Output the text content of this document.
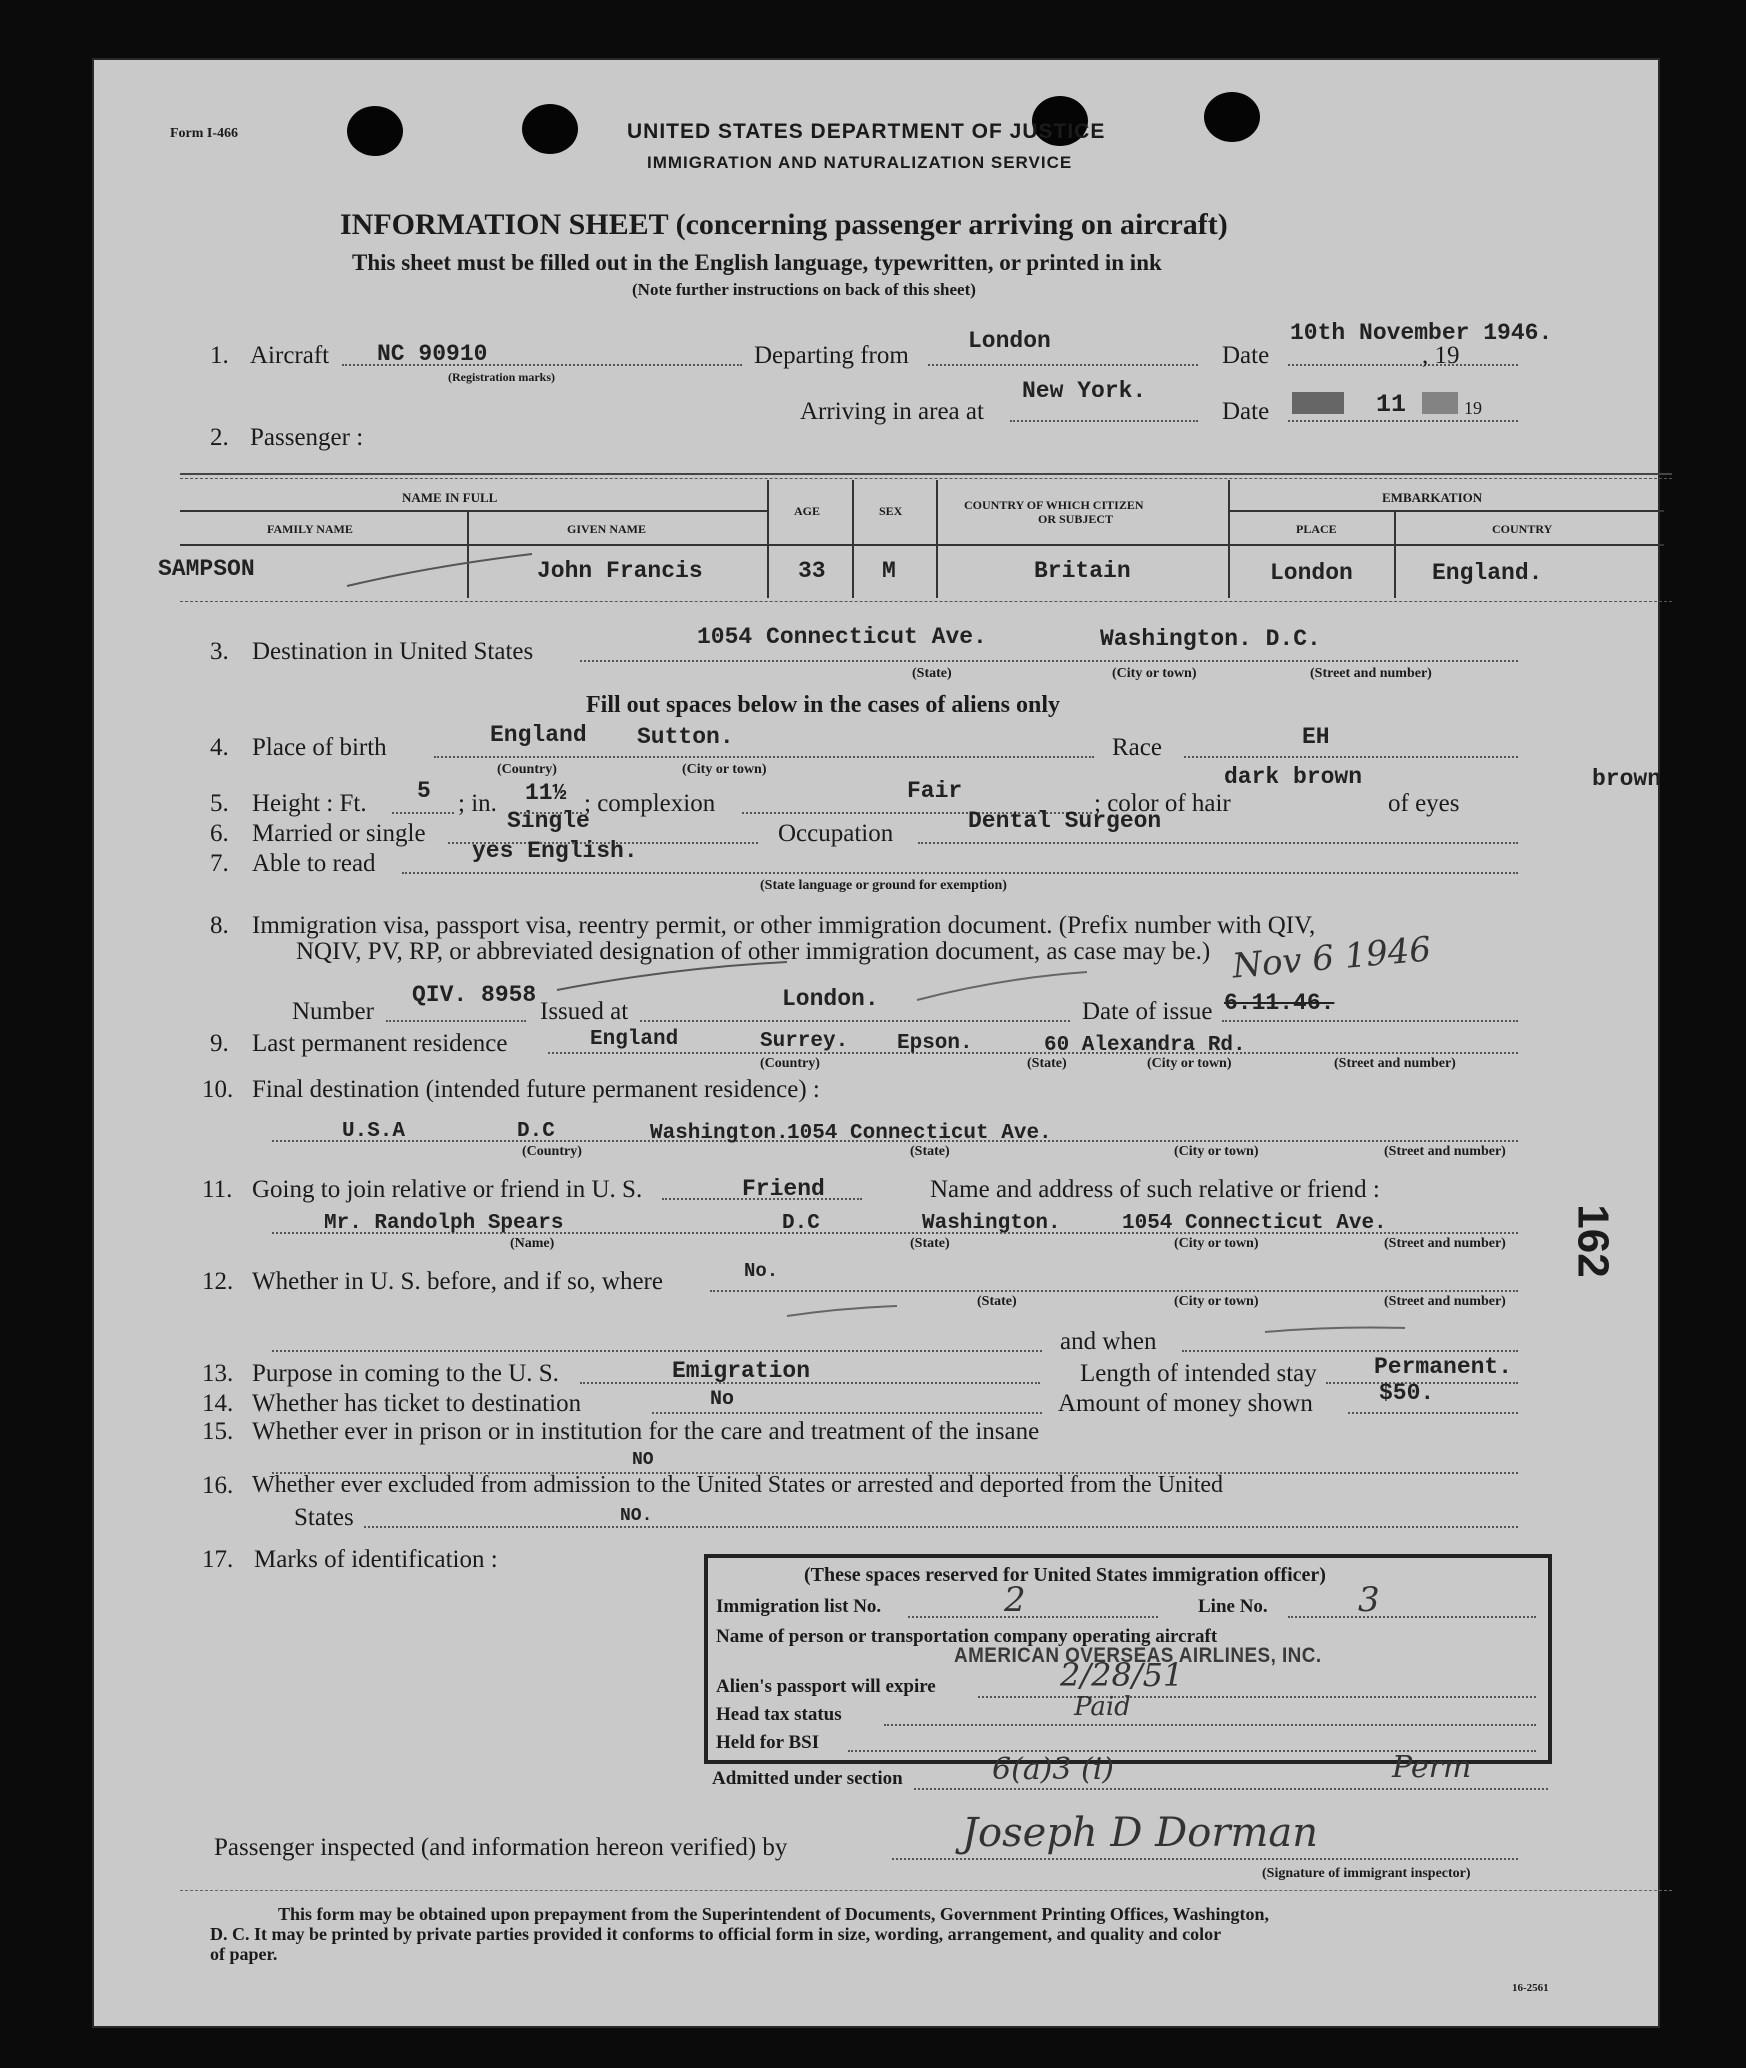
Form I-466	UNITED STATES DEPARTMENT OF JUSTICE
IMMIGRATION AND NATURALIZATION SERVICE
INFORMATION SHEET (concerning passenger arriving on aircraft)
This sheet must be filled out in the English language, typewritten, or printed in ink
(Note further instructions on back of this sheet)
1. Aircraft NC 90910
(Registration marks)
Departing from
London
Date
10th November 1946.
, 19
Arriving in area at
New York.
Date	11	19
2. Passenger :
NAME IN FULL
FAMILY NAME	GIVEN NAME
AGE	SEX	COUNTRY OF WHICH CITIZEN
OR SUBJECT
EMBARKATION
PLACE	COUNTRY
SAMPSON	John Francis	33 M	Britain	London	England.
3. Destination in United States
1054 Connecticut Ave.	Washington. D.C.
(State)	(City or town)	(Street and number)
Fill out spaces below in the cases of aliens only
4. Place of birth	England Sutton.
(Country)	(City or town)
Race	EH
5. Height : Ft. 5 ; in. 11½ ; complexion	Fair	; color of hair
dark brown
of eyes
brown
6. Married or single	Single	Occupation	Dental Surgeon
7. Able to read	yes English.
(State language or ground for exemption)
8. Immigration visa, passport visa, reentry permit, or other immigration document. (Prefix number with QIV,
NQIV, PV, RP, or abbreviated designation of other immigration document, as case may be.)
Number
QIV. 8958
Issued at	London.	Date of issue 6.11.46.
Nov 6 1946
9. Last permanent residence	England	Surrey. Epson.	60 Alexandra Rd.
(Country)	(State)	(City or town)	(Street and number)
10. Final destination (intended future permanent residence) :
U.S.A	D.C	Washington.
1054 Connecticut Ave.
(Country)	(State)	(City or town)	(Street and number)
11. Going to join relative or friend in U. S.	Friend	Name and address of such relative or friend :
Mr. Randolph Spears	D.C	Washington.	1054 Connecticut Ave.
(Name)	(State)	(City or town)	(Street and number)
12. Whether in U. S. before, and if so, where	No.
(State)	(City or town)	(Street and number)
and when
13. Purpose in coming to the U. S.	Emigration	Length of intended stay Permanent.
14. Whether has ticket to destination	No	Amount of money shown	$50.
15. Whether ever in prison or in institution for the care and treatment of the insane
NO
16. Whether ever excluded from admission to the United States or arrested and deported from the United
States	NO.
17. Marks of identification :
(These spaces reserved for United States immigration officer)
Immigration list No.	2	Line No.	3
Name of person or transportation company operating aircraft
AMERICAN OVERSEAS AIRLINES, INC.
Alien's passport will expire	2/28/51
Head tax status	Paid
Held for BSI
Admitted under section	6(a)3 (i)	Perm
Passenger inspected (and information hereon verified) by	Joseph D Dorman
(Signature of immigrant inspector)
This form may be obtained upon prepayment from the Superintendent of Documents, Government Printing Offices, Washington,
D. C. It may be printed by private parties provided it conforms to official form in size, wording, arrangement, and quality and color
of paper.
16-2561
162
